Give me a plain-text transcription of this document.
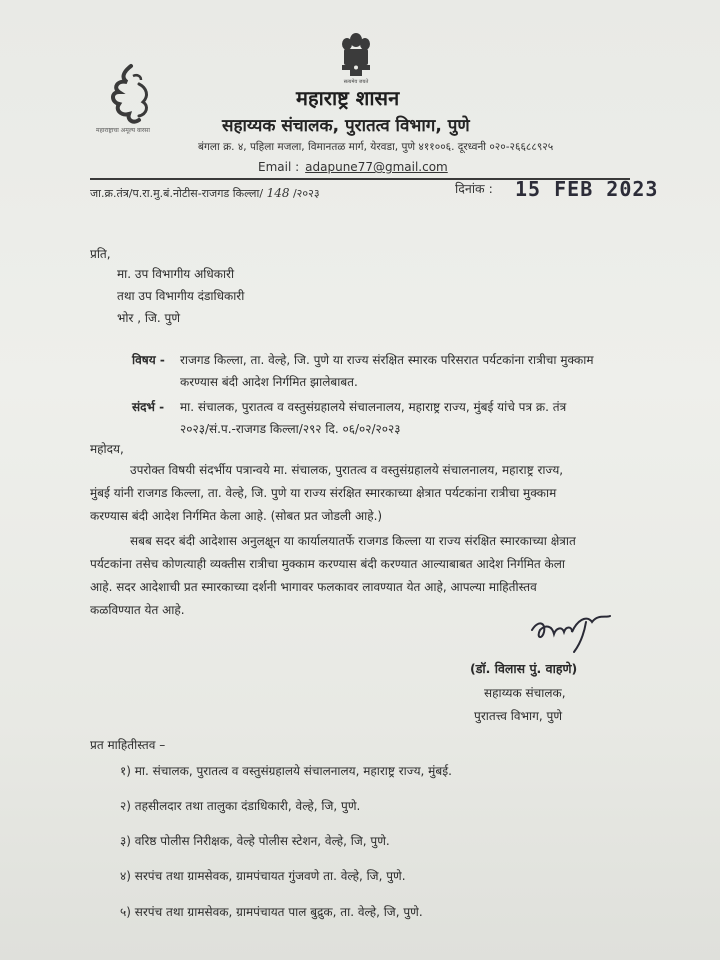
सत्यमेव जयते
महाराष्ट्राचा अमूल्य वारसा
महाराष्ट्र शासन
सहाय्यक संचालक, पुरातत्व विभाग, पुणे
बंगला क्र. ४, पहिला मजला, विमानतळ मार्ग, येरवडा, पुणे ४११००६. दूरध्वनी ०२०-२६६८८९२५
Email : adapune77@gmail.com
जा.क्र.तंत्र/प.रा.मु.बं.नोटीस-राजगड किल्ला/ 148 /२०२३	दिनांक : 15 FEB 2023
प्रति,
मा. उप विभागीय अधिकारी
तथा उप विभागीय दंडाधिकारी
भोर , जि. पुणे
विषय - राजगड किल्ला, ता. वेल्हे, जि. पुणे या राज्य संरक्षित स्मारक परिसरात पर्यटकांना रात्रीचा मुक्काम
करण्यास बंदी आदेश निर्गमित झालेबाबत.
संदर्भ - मा. संचालक, पुरातत्व व वस्तुसंग्रहालये संचालनालय, महाराष्ट्र राज्य, मुंबई यांचे पत्र क्र. तंत्र
२०२३/सं.प.-राजगड किल्ला/२९२ दि. ०६/०२/२०२३
महोदय,
उपरोक्त विषयी संदर्भीय पत्रान्वये मा. संचालक, पुरातत्व व वस्तुसंग्रहालये संचालनालय, महाराष्ट्र राज्य,
मुंबई यांनी राजगड किल्ला, ता. वेल्हे, जि. पुणे या राज्य संरक्षित स्मारकाच्या क्षेत्रात पर्यटकांना रात्रीचा मुक्काम
करण्यास बंदी आदेश निर्गमित केला आहे. (सोबत प्रत जोडली आहे.)
सबब सदर बंदी आदेशास अनुलक्षून या कार्यालयातर्फे राजगड किल्ला या राज्य संरक्षित स्मारकाच्या क्षेत्रात
पर्यटकांना तसेच कोणत्याही व्यक्तीस रात्रीचा मुक्काम करण्यास बंदी करण्यात आल्याबाबत आदेश निर्गमित केला
आहे. सदर आदेशाची प्रत स्मारकाच्या दर्शनी भागावर फलकावर लावण्यात येत आहे, आपल्या माहितीस्तव
कळविण्यात येत आहे.
(डॉ. विलास पुं. वाहणे)
सहाय्यक संचालक,
पुरातत्त्व विभाग, पुणे
प्रत माहितीस्तव –
१) मा. संचालक, पुरातत्व व वस्तुसंग्रहालये संचालनालय, महाराष्ट्र राज्य, मुंबई.
२) तहसीलदार तथा तालुका दंडाधिकारी, वेल्हे, जि, पुणे.
३) वरिष्ठ पोलीस निरीक्षक, वेल्हे पोलीस स्टेशन, वेल्हे, जि, पुणे.
४) सरपंच तथा ग्रामसेवक, ग्रामपंचायत गुंजवणे ता. वेल्हे, जि, पुणे.
५) सरपंच तथा ग्रामसेवक, ग्रामपंचायत पाल बुद्रुक, ता. वेल्हे, जि, पुणे.
